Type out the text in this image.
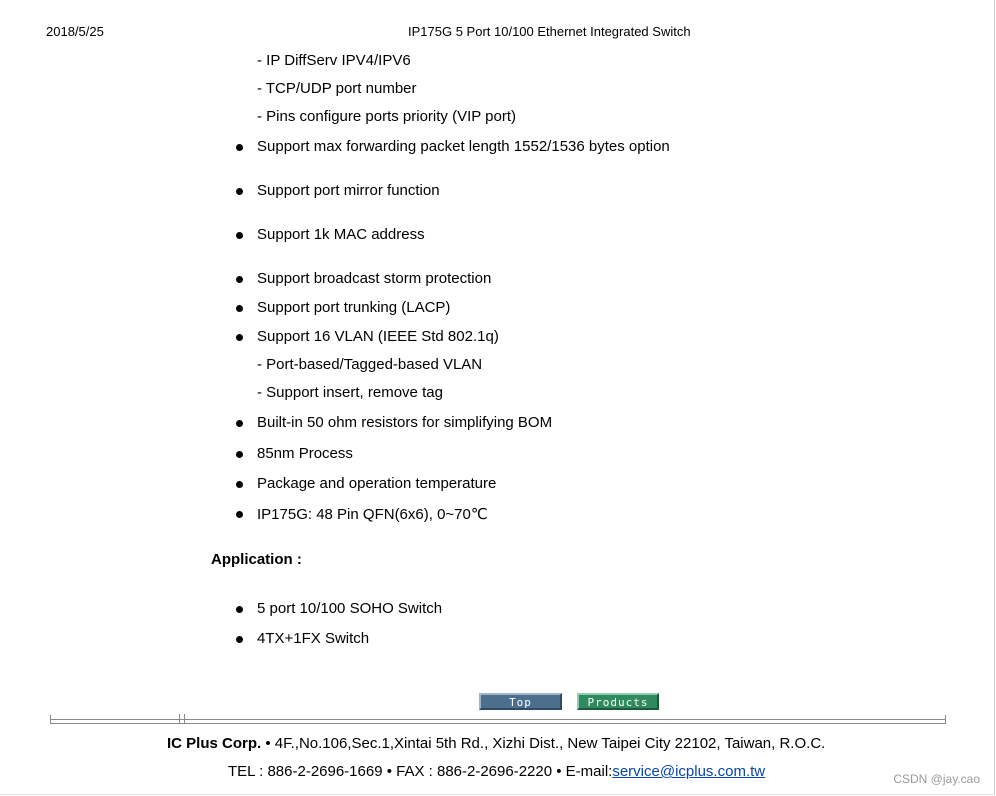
2018/5/25	IP175G 5 Port 10/100 Ethernet Integrated Switch
- IP DiffServ IPV4/IPV6
- TCP/UDP port number
- Pins configure ports priority (VIP port)
Support max forwarding packet length 1552/1536 bytes option
Support port mirror function
Support 1k MAC address
Support broadcast storm protection
Support port trunking (LACP)
Support 16 VLAN (IEEE Std 802.1q)
- Port-based/Tagged-based VLAN
- Support insert, remove tag
Built-in 50 ohm resistors for simplifying BOM
85nm Process
Package and operation temperature
IP175G: 48 Pin QFN(6x6), 0~70℃
Application :
5 port 10/100 SOHO Switch
4TX+1FX Switch
Top	Products
IC Plus Corp. • 4F.,No.106,Sec.1,Xintai 5th Rd., Xizhi Dist., New Taipei City 22102, Taiwan, R.O.C.
TEL : 886-2-2696-1669 • FAX : 886-2-2696-2220 • E-mail:service@icplus.com.tw	CSDN @jay.cao
